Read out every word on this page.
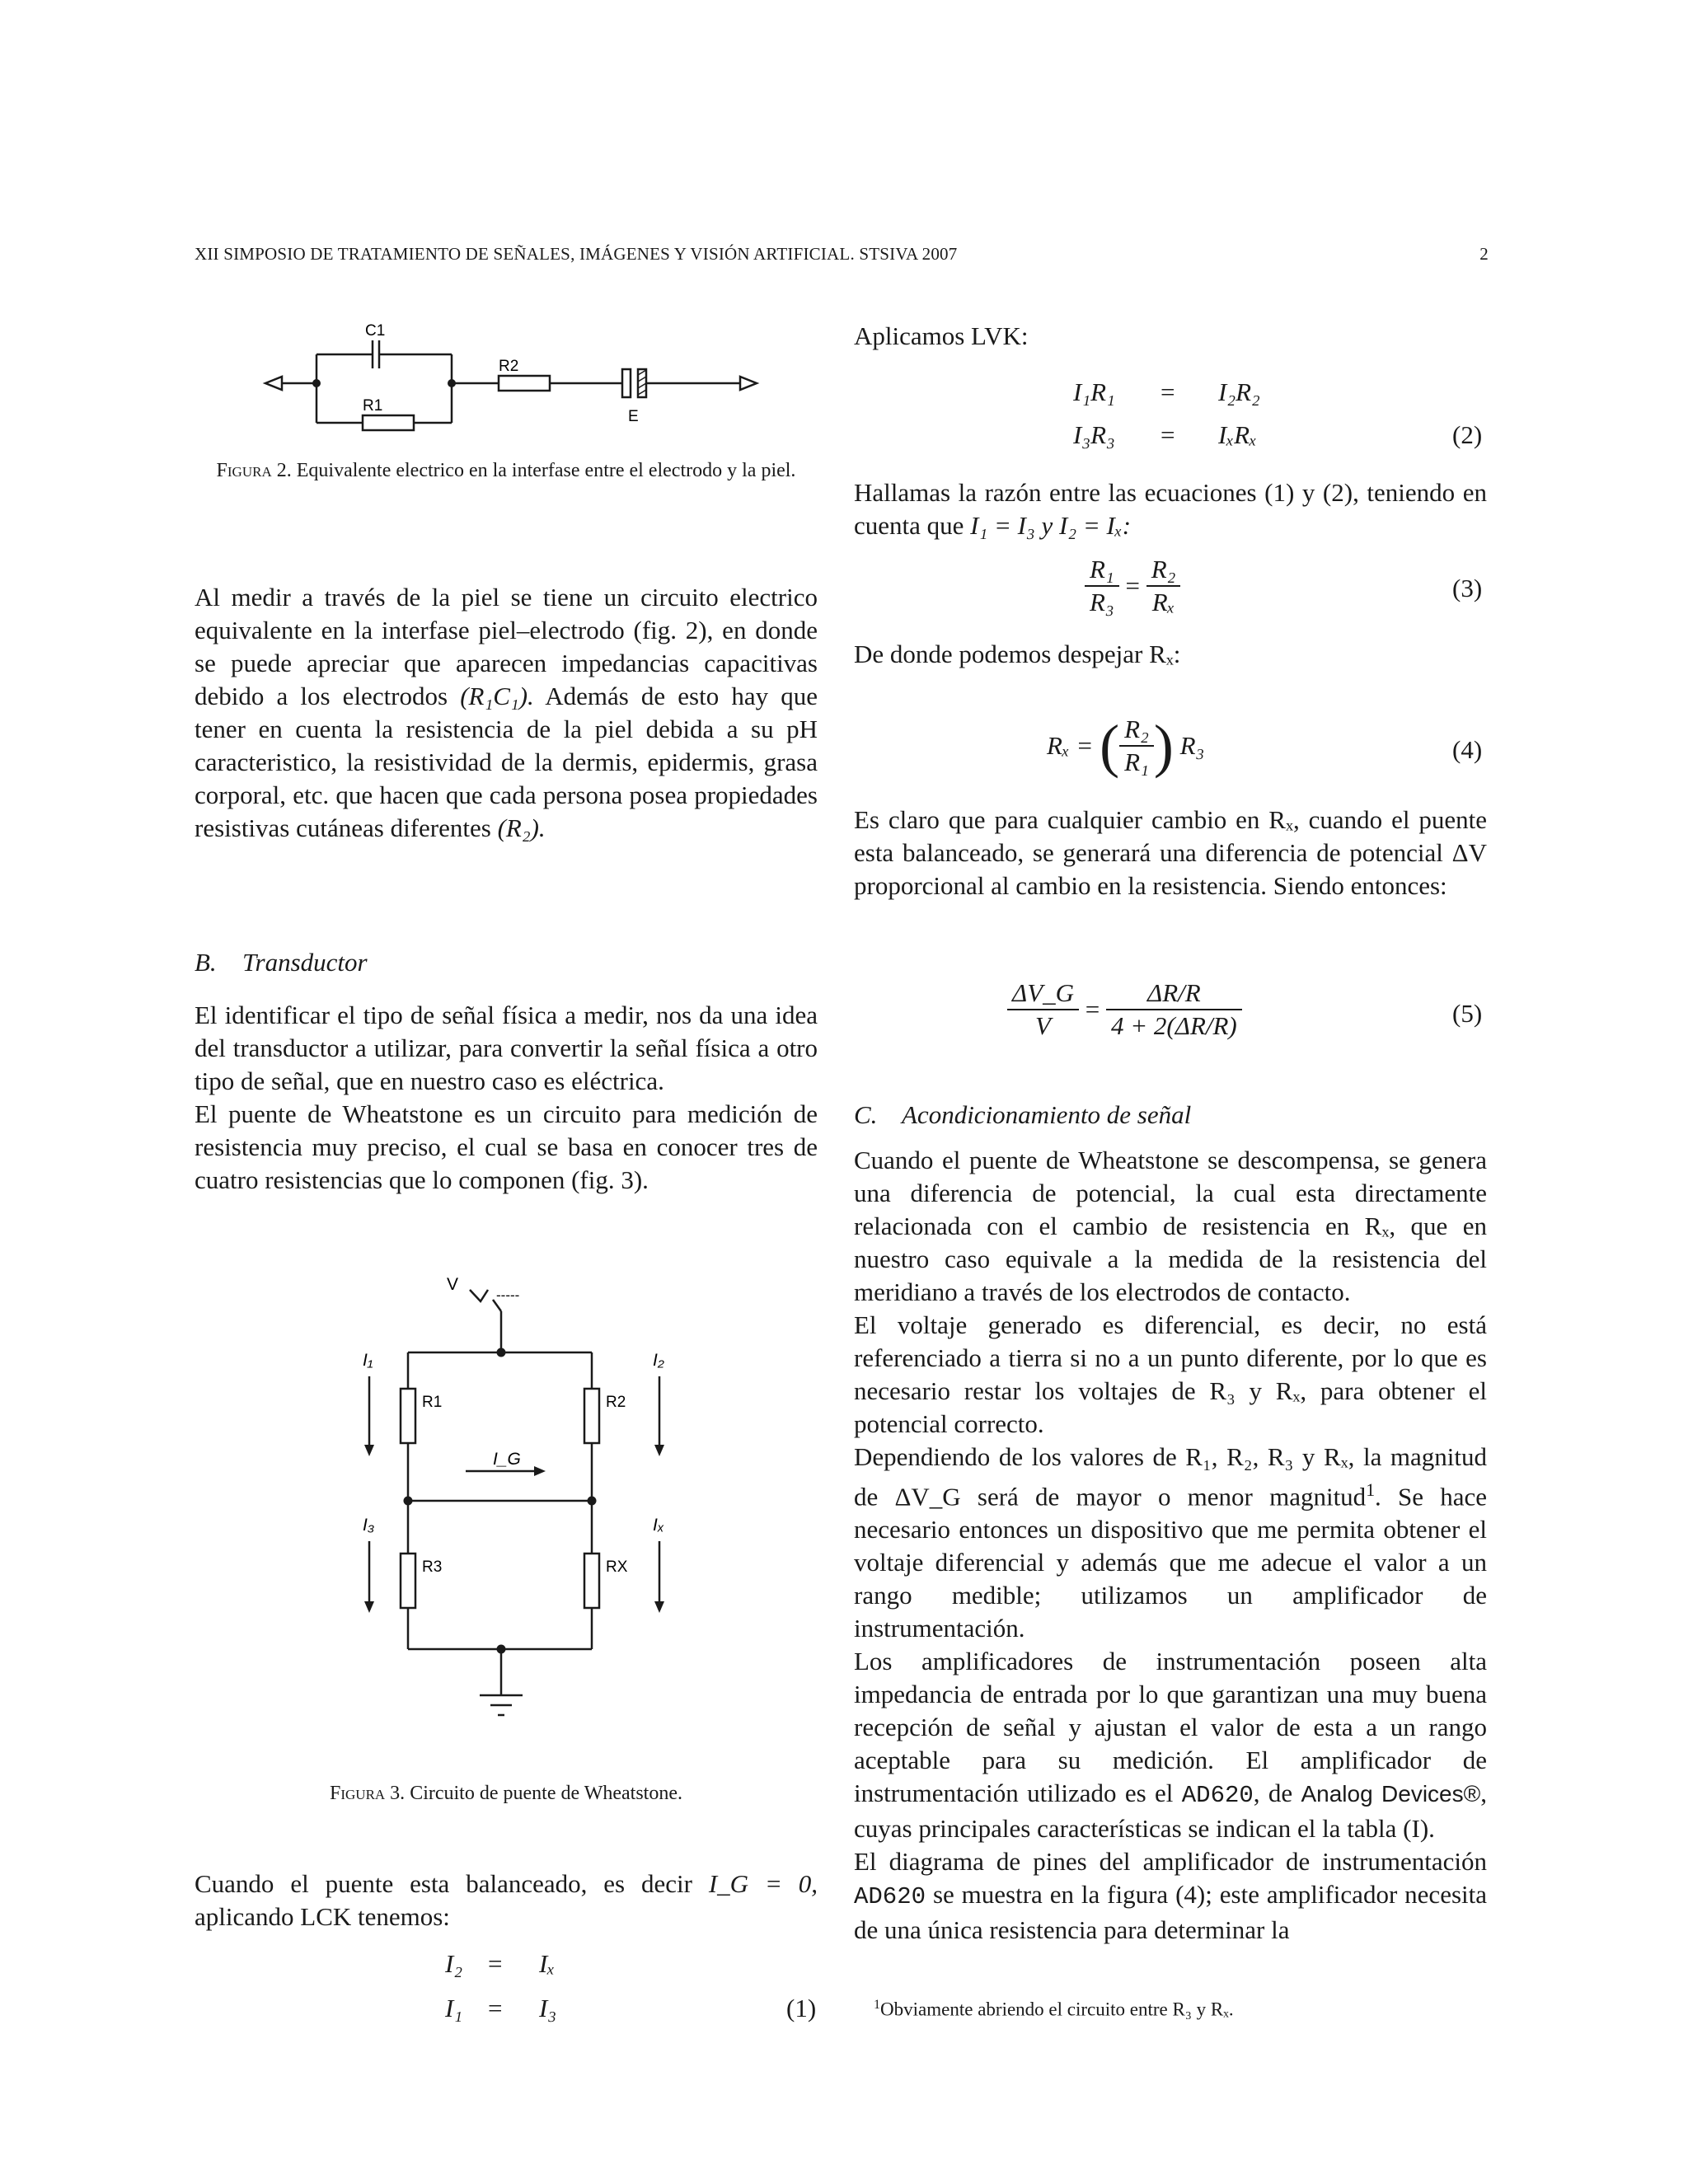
XII SIMPOSIO DE TRATAMIENTO DE SEÑALES, IMÁGENES Y VISIÓN ARTIFICIAL. STSIVA 2007	2
C1
R1
R2
E
Figura 2. Equivalente electrico en la interfase entre el electrodo y la piel.

Al medir a través de la piel se tiene un circuito electrico equivalente en la interfase piel–electrodo (fig. 2), en donde se puede apreciar que aparecen impedancias capacitivas debido a los electrodos (R₁C₁). Además de esto hay que tener en cuenta la resistencia de la piel debida a su pH caracteristico, la resistividad de la dermis, epidermis, grasa corporal, etc. que hacen que cada persona posea propiedades resistivas cutáneas diferentes (R₂).

B. Transductor

El identificar el tipo de señal física a medir, nos da una idea del transductor a utilizar, para convertir la señal física a otro tipo de señal, que en nuestro caso es eléctrica.

El puente de Wheatstone es un circuito para medición de resistencia muy preciso, el cual se basa en conocer tres de cuatro resistencias que lo componen (fig. 3).

V
-----
I₁	I₂
I_G
I₃	Iₓ
R1	R2
R3	RX
Figura 3. Circuito de puente de Wheatstone.

Cuando el puente esta balanceado, es decir I_G = 0, aplicando LCK tenemos:

I₂ = Iₓ
I₁ = I₃	(1)

Aplicamos LVK:

I₁R₁ = I₂R₂
I₃R₃ = IₓRₓ	(2)

Hallamas la razón entre las ecuaciones (1) y (2), teniendo en cuenta que I₁ = I₃ y I₂ = Iₓ:

$\frac{\text{R₁}}{\text{R₃}} = \frac{\text{R₂}}{\text{Rₓ}}$	(3)

De donde podemos despejar Rₓ:

Rₓ = ( $\frac{\text{R₂}}{\text{R₁}}$ ) R₃	(4)

Es claro que para cualquier cambio en Rₓ, cuando el puente esta balanceado, se generará una diferencia de potencial ΔV proporcional al cambio en la resistencia. Siendo entonces:

$\frac{\Delta V\_G}{V} = \frac{\Delta R/R}{4 + 2(\Delta R/R)}$	(5)
C. Acondicionamiento de señal

Cuando el puente de Wheatstone se descompensa, se genera una diferencia de potencial, la cual esta directamente relacionada con el cambio de resistencia en Rₓ, que en nuestro caso equivale a la medida de la resistencia del meridiano a través de los electrodos de contacto.

El voltaje generado es diferencial, es decir, no está referenciado a tierra si no a un punto diferente, por lo que es necesario restar los voltajes de R₃ y Rₓ, para obtener el potencial correcto.

Dependiendo de los valores de R₁, R₂, R₃ y Rₓ, la magnitud de ΔV_G será de mayor o menor magnitud$^1$. Se hace necesario entonces un dispositivo que me permita obtener el voltaje diferencial y además que me adecue el valor a un rango medible; utilizamos un amplificador de instrumentación.

Los amplificadores de instrumentación poseen alta impedancia de entrada por lo que garantizan una muy buena recepción de señal y ajustan el valor de esta a un rango aceptable para su medición. El amplificador de instrumentación utilizado es el AD620, de Analog Devices®, cuyas principales características se indican el la tabla (I).

El diagrama de pines del amplificador de instrumentación AD620 se muestra en la figura (4); este amplificador necesita de una única resistencia para determinar la

$^1$Obviamente abriendo el circuito entre R₃ y Rₓ.
